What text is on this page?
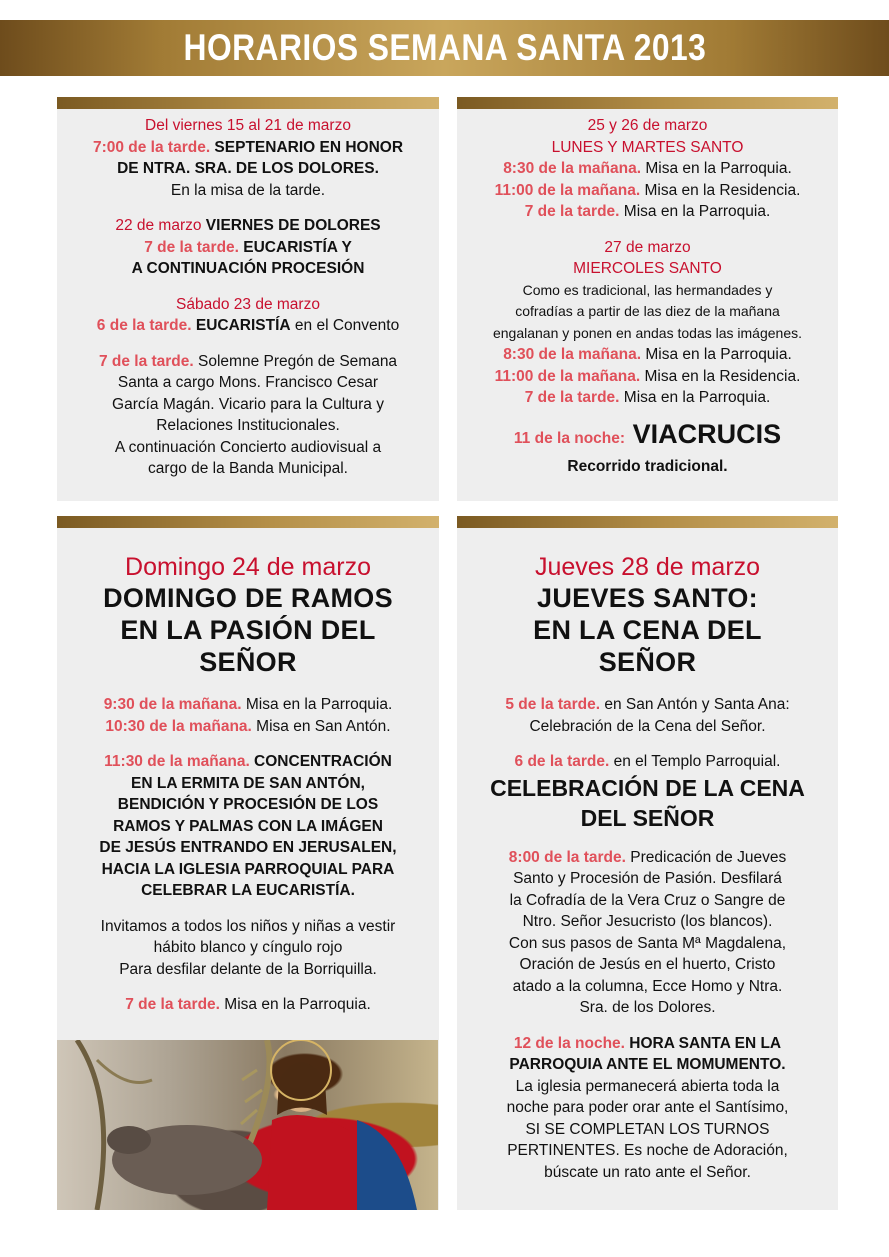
HORARIOS SEMANA SANTA 2013
Del viernes 15 al 21 de marzo
7:00 de la tarde. SEPTENARIO EN HONOR
DE NTRA. SRA. DE LOS DOLORES.
En la misa de la tarde.
22 de marzo VIERNES DE DOLORES
7 de la tarde. EUCARISTÍA Y
A CONTINUACIÓN PROCESIÓN
Sábado 23 de marzo
6 de la tarde. EUCARISTÍA en el Convento
7 de la tarde. Solemne Pregón de Semana
Santa a cargo Mons. Francisco Cesar
García Magán. Vicario para la Cultura y
Relaciones Institucionales.
A continuación Concierto audiovisual a
cargo de la Banda Municipal.
25 y 26 de marzo
LUNES Y MARTES SANTO
8:30 de la mañana. Misa en la Parroquia.
11:00 de la mañana. Misa en la Residencia.
7 de la tarde. Misa en la Parroquia.
27 de marzo
MIERCOLES SANTO
Como es tradicional, las hermandades y
cofradías a partir de las diez de la mañana
engalanan y ponen en andas todas las imágenes.
8:30 de la mañana. Misa en la Parroquia.
11:00 de la mañana. Misa en la Residencia.
7 de la tarde. Misa en la Parroquia.
11 de la noche: VIACRUCIS
Recorrido tradicional.
Domingo 24 de marzo
DOMINGO DE RAMOS
EN LA PASIÓN DEL
SEÑOR
9:30 de la mañana. Misa en la Parroquia.
10:30 de la mañana. Misa en San Antón.
11:30 de la mañana. CONCENTRACIÓN
EN LA ERMITA DE SAN ANTÓN,
BENDICIÓN Y PROCESIÓN DE LOS
RAMOS Y PALMAS CON LA IMÁGEN
DE JESÚS ENTRANDO EN JERUSALEN,
HACIA LA IGLESIA PARROQUIAL PARA
CELEBRAR LA EUCARISTÍA.
Invitamos a todos los niños y niñas a vestir
hábito blanco y cíngulo rojo
Para desfilar delante de la Borriquilla.
7 de la tarde. Misa en la Parroquia.
Jueves 28 de marzo
JUEVES SANTO:
EN LA CENA DEL
SEÑOR
5 de la tarde. en San Antón y Santa Ana:
Celebración de la Cena del Señor.
6 de la tarde. en el Templo Parroquial.
CELEBRACIÓN DE LA CENA
DEL SEÑOR
8:00 de la tarde. Predicación de Jueves
Santo y Procesión de Pasión. Desfilará
la Cofradía de la Vera Cruz o Sangre de
Ntro. Señor Jesucristo (los blancos).
Con sus pasos de Santa Mª Magdalena,
Oración de Jesús en el huerto, Cristo
atado a la columna, Ecce Homo y Ntra.
Sra. de los Dolores.
12 de la noche. HORA SANTA EN LA
PARROQUIA ANTE EL MOMUMENTO.
La iglesia permanecerá abierta toda la
noche para poder orar ante el Santísimo,
SI SE COMPLETAN LOS TURNOS
PERTINENTES. Es noche de Adoración,
búscate un rato ante el Señor.
